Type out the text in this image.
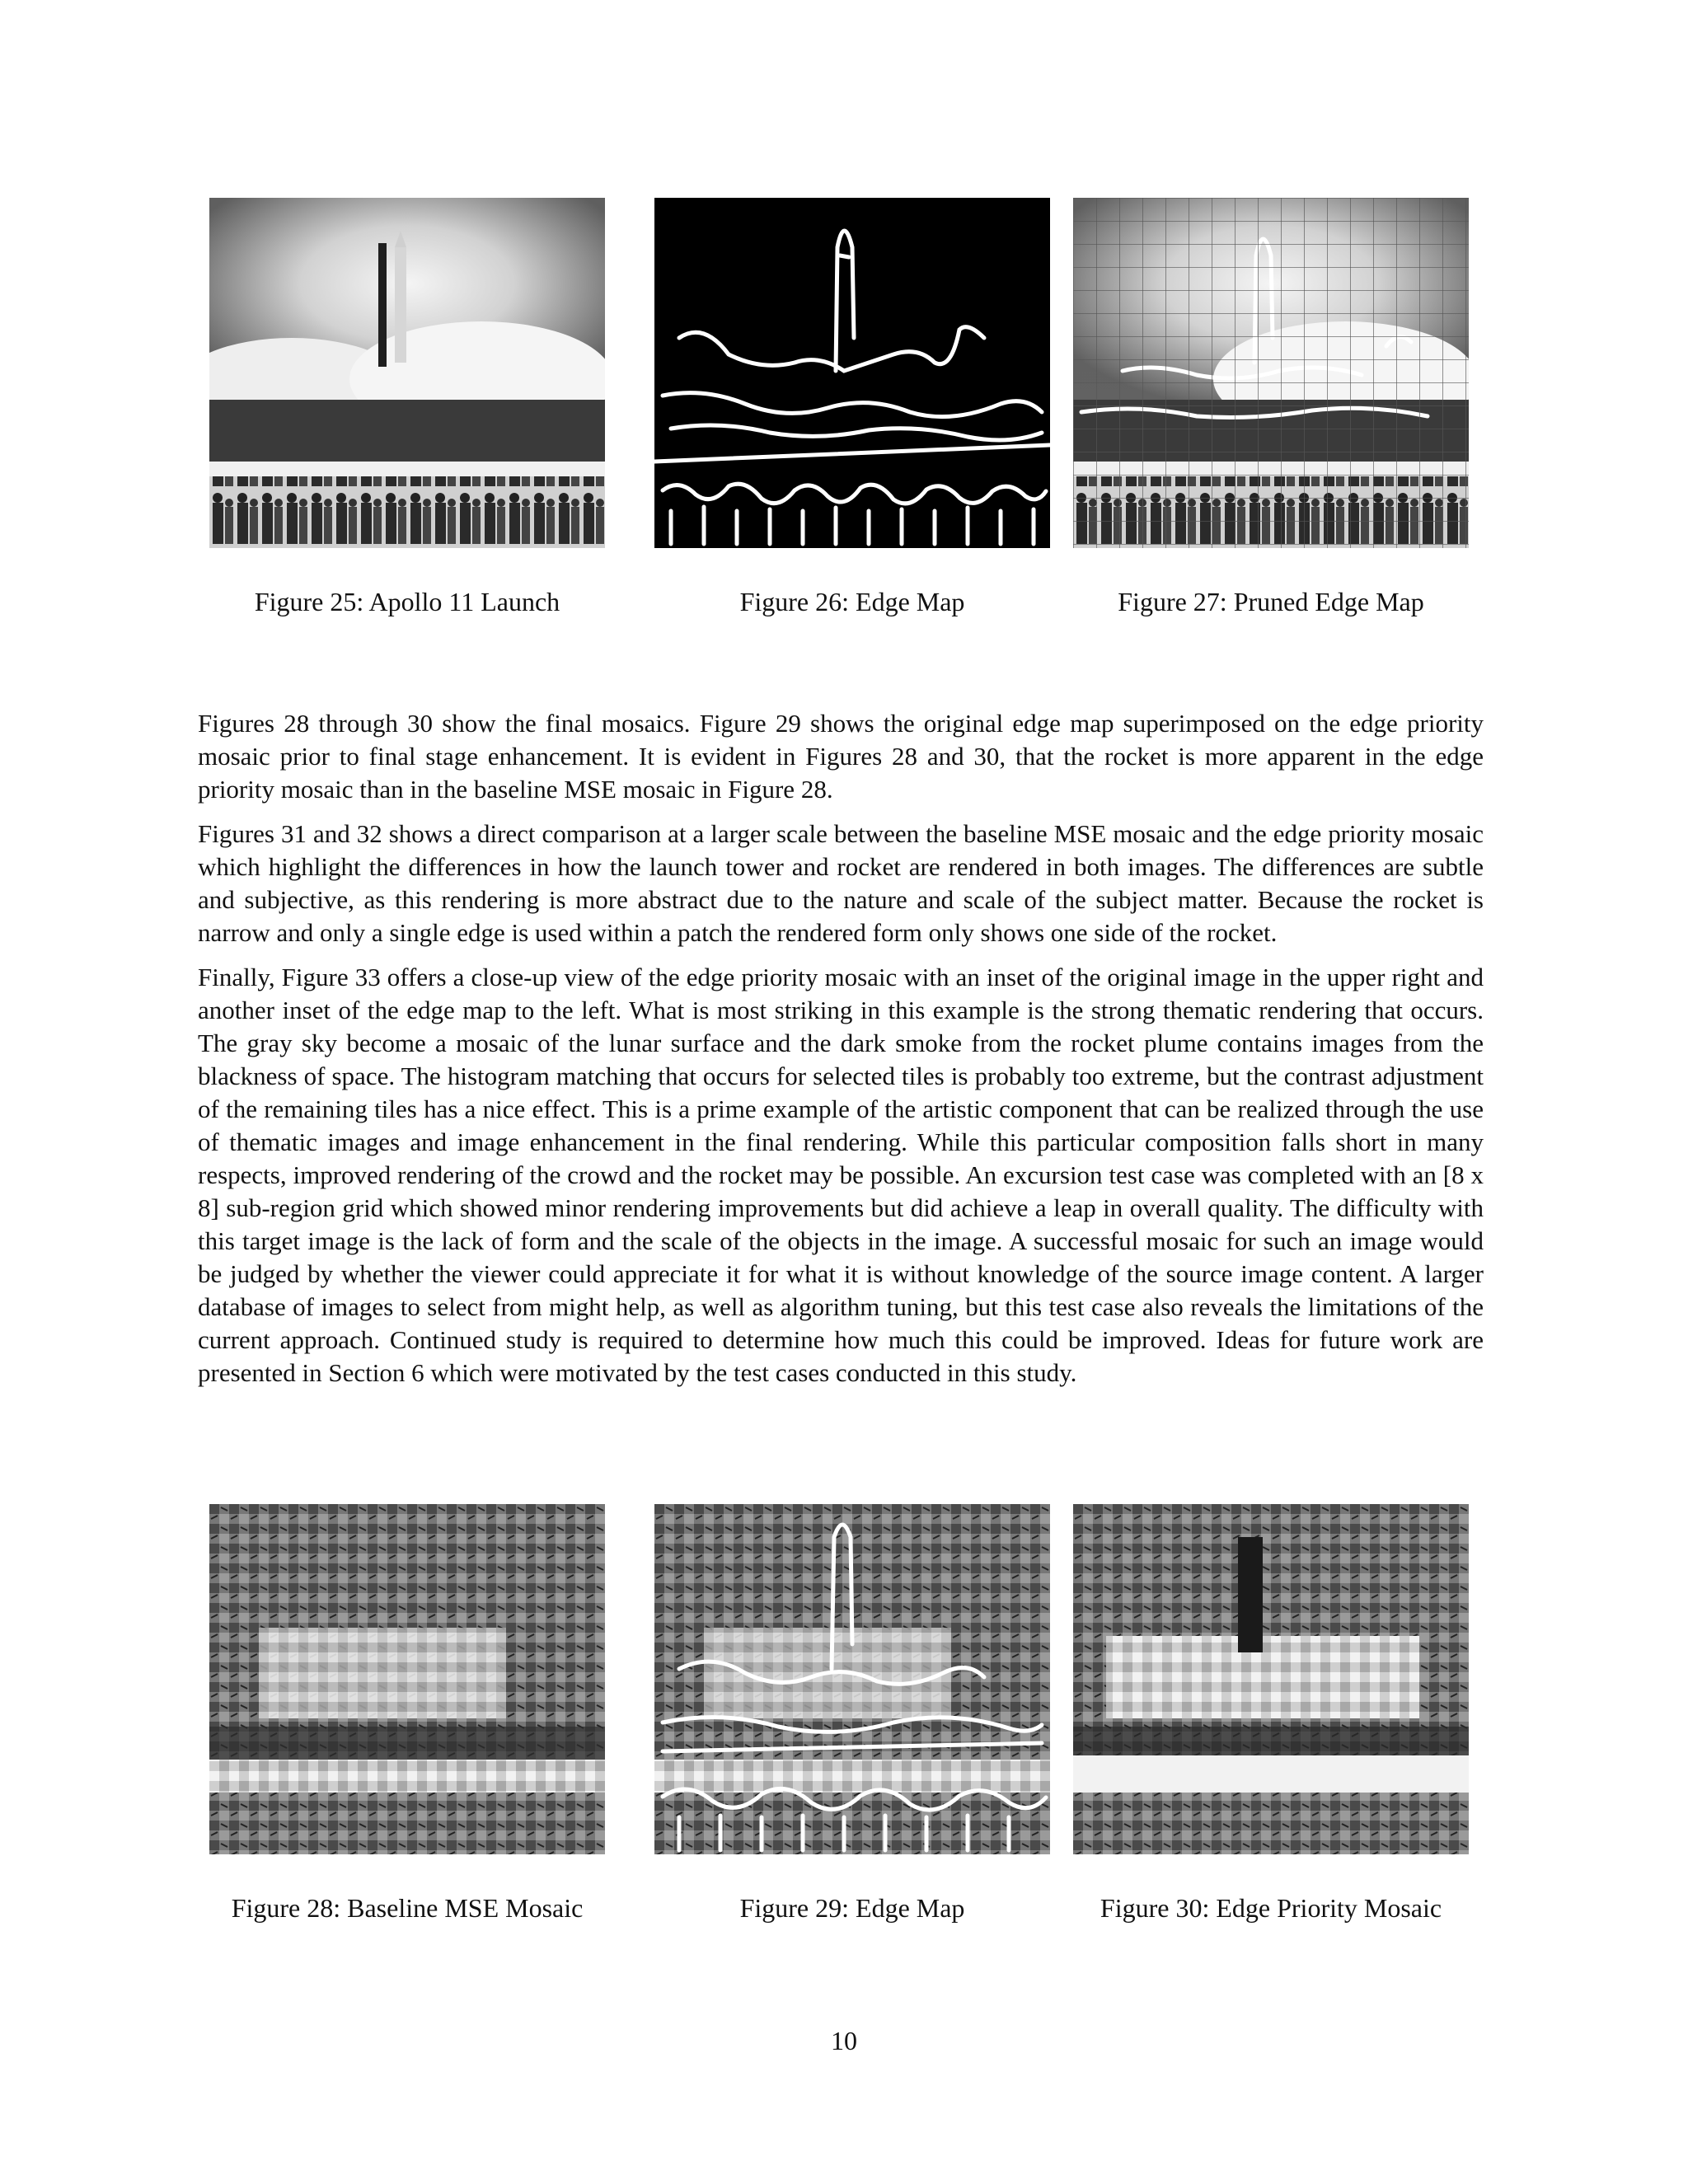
Figure 25: Apollo 11 Launch	Figure 26: Edge Map	Figure 27: Pruned Edge Map

Figures 28 through 30 show the final mosaics. Figure 29 shows the original edge map superimposed on the edge priority mosaic prior to final stage enhancement. It is evident in Figures 28 and 30, that the rocket is more apparent in the edge priority mosaic than in the baseline MSE mosaic in Figure 28.

Figures 31 and 32 shows a direct comparison at a larger scale between the baseline MSE mosaic and the edge priority mosaic which highlight the differences in how the launch tower and rocket are rendered in both images. The differences are subtle and subjective, as this rendering is more abstract due to the nature and scale of the subject matter. Because the rocket is narrow and only a single edge is used within a patch the rendered form only shows one side of the rocket.

Finally, Figure 33 offers a close-up view of the edge priority mosaic with an inset of the original image in the upper right and another inset of the edge map to the left. What is most striking in this example is the strong thematic rendering that occurs. The gray sky become a mosaic of the lunar surface and the dark smoke from the rocket plume contains images from the blackness of space. The histogram matching that occurs for selected tiles is probably too extreme, but the contrast adjustment of the remaining tiles has a nice effect. This is a prime example of the artistic component that can be realized through the use of thematic images and image enhancement in the final rendering. While this particular composition falls short in many respects, improved rendering of the crowd and the rocket may be possible. An excursion test case was completed with an [8 x 8] sub-region grid which showed minor rendering improvements but did achieve a leap in overall quality. The difficulty with this target image is the lack of form and the scale of the objects in the image. A successful mosaic for such an image would be judged by whether the viewer could appreciate it for what it is without knowledge of the source image content. A larger database of images to select from might help, as well as algorithm tuning, but this test case also reveals the limitations of the current approach. Continued study is required to determine how much this could be improved. Ideas for future work are presented in Section 6 which were motivated by the test cases conducted in this study.

Figure 28: Baseline MSE Mosaic	Figure 29: Edge Map	Figure 30: Edge Priority Mosaic
10
